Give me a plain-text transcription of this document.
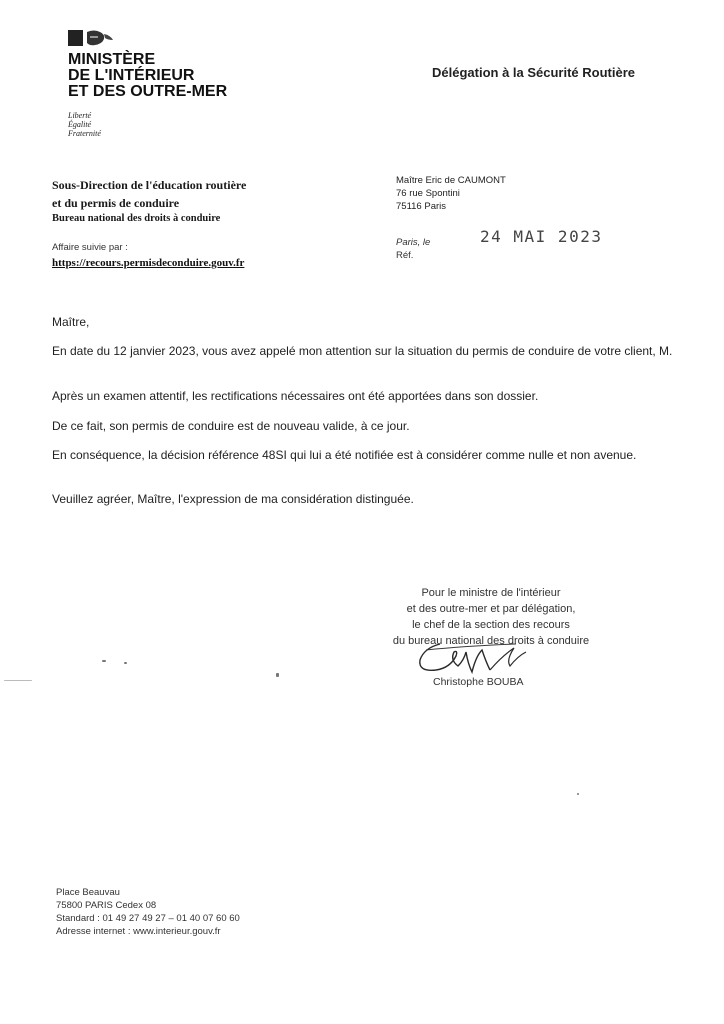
MINISTÈRE
DE L'INTÉRIEUR
ET DES OUTRE-MER
Liberté
Égalité
Fraternité
Délégation à la Sécurité Routière
Sous-Direction de l'éducation routière
et du permis de conduire
Bureau national des droits à conduire
Affaire suivie par :
https://recours.permisdeconduire.gouv.fr
Maître Eric de CAUMONT
76 rue Spontini
75116 Paris
Paris, le
Réf.
24 MAI 2023
Maître,
En date du 12 janvier 2023, vous avez appelé mon attention sur la situation du permis de conduire de votre client, M.
Après un examen attentif, les rectifications nécessaires ont été apportées dans son dossier.
De ce fait, son permis de conduire est de nouveau valide, à ce jour.
En conséquence, la décision référence 48SI qui lui a été notifiée est à considérer comme nulle et non avenue.
Veuillez agréer, Maître, l'expression de ma considération distinguée.
Pour le ministre de l'intérieur
et des outre-mer et par délégation,
le chef de la section des recours
du bureau national des droits à conduire
Christophe BOUBA
Place Beauvau
75800 PARIS Cedex 08
Standard : 01 49 27 49 27 – 01 40 07 60 60
Adresse internet : www.interieur.gouv.fr
